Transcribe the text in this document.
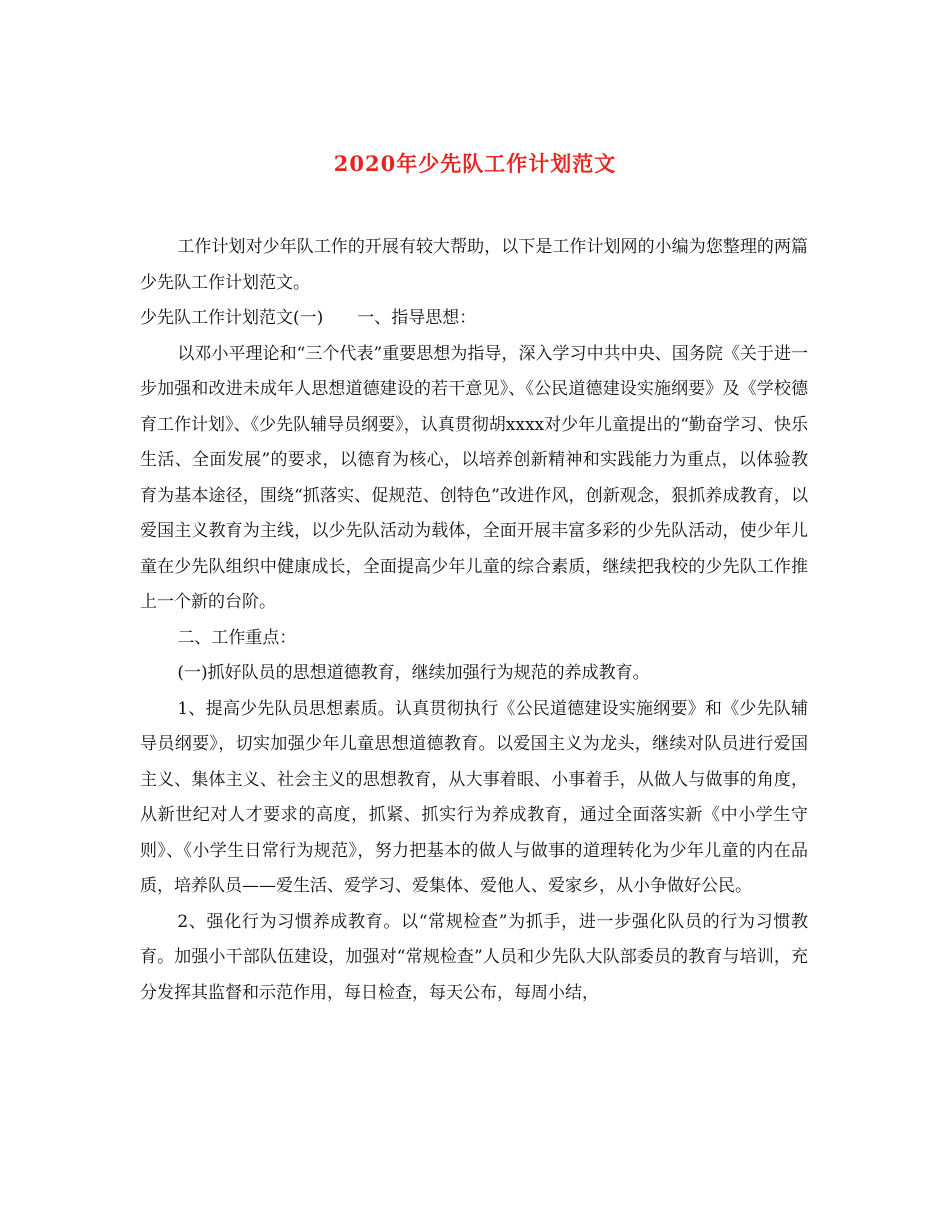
2020年少先队工作计划范文

工作计划对少年队工作的开展有较大帮助，以下是工作计划网的小编为您整理的两篇少先队工作计划范文。

少先队工作计划范文(一)　　一、指导思想：

以邓小平理论和“三个代表”重要思想为指导，深入学习中共中央、国务院《关于进一步加强和改进未成年人思想道德建设的若干意见》、《公民道德建设实施纲要》及《学校德育工作计划》、《少先队辅导员纲要》，认真贯彻胡xxxx对少年儿童提出的“勤奋学习、快乐生活、全面发展”的要求，以德育为核心，以培养创新精神和实践能力为重点，以体验教育为基本途径，围绕“抓落实、促规范、创特色”改进作风，创新观念，狠抓养成教育，以爱国主义教育为主线，以少先队活动为载体，全面开展丰富多彩的少先队活动，使少年儿童在少先队组织中健康成长，全面提高少年儿童的综合素质，继续把我校的少先队工作推上一个新的台阶。

二、工作重点：

(一)抓好队员的思想道德教育，继续加强行为规范的养成教育。

1、提高少先队员思想素质。认真贯彻执行《公民道德建设实施纲要》和《少先队辅导员纲要》，切实加强少年儿童思想道德教育。以爱国主义为龙头，继续对队员进行爱国主义、集体主义、社会主义的思想教育，从大事着眼、小事着手，从做人与做事的角度，从新世纪对人才要求的高度，抓紧、抓实行为养成教育，通过全面落实新《中小学生守则》、《小学生日常行为规范》，努力把基本的做人与做事的道理转化为少年儿童的内在品质，培养队员——爱生活、爱学习、爱集体、爱他人、爱家乡，从小争做好公民。

2、强化行为习惯养成教育。以“常规检查”为抓手，进一步强化队员的行为习惯教育。加强小干部队伍建设，加强对“常规检查”人员和少先队大队部委员的教育与培训，充分发挥其监督和示范作用，每日检查，每天公布，每周小结，
